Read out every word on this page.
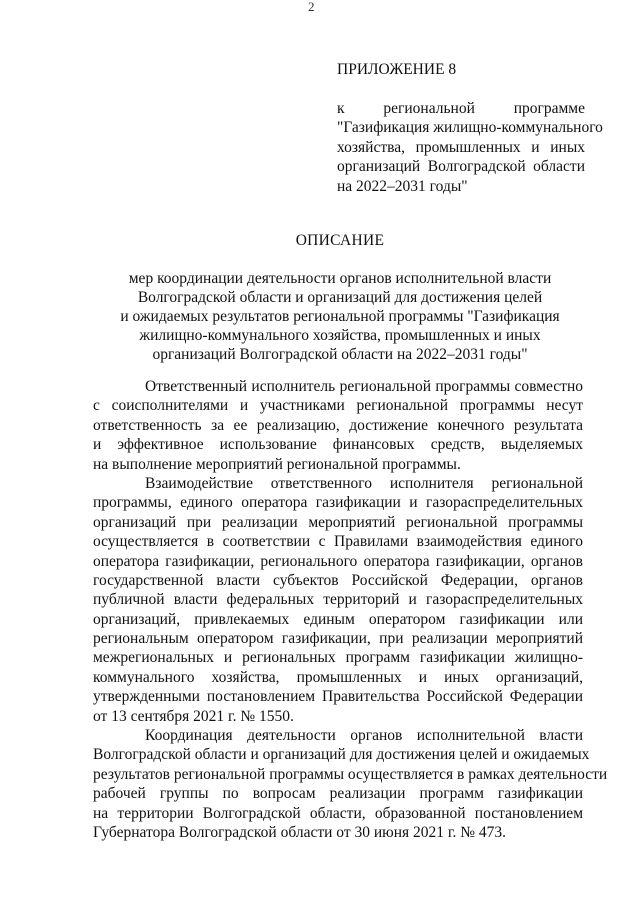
2
ПРИЛОЖЕНИЕ 8
к	региональной	программе
"Газификация жилищно-коммунального
хозяйства, промышленных и иных
организаций Волгоградской области
на 2022–2031 годы"
ОПИСАНИЕ
мер координации деятельности органов исполнительной власти
Волгоградской области и организаций для достижения целей
и ожидаемых результатов региональной программы "Газификация
жилищно-коммунального хозяйства, промышленных и иных
организаций Волгоградской области на 2022–2031 годы"
Ответственный исполнитель региональной программы совместно
с соисполнителями и участниками региональной программы несут
ответственность за ее реализацию, достижение конечного результата
и эффективное использование финансовых средств, выделяемых
на выполнение мероприятий региональной программы.
Взаимодействие ответственного исполнителя региональной
программы, единого оператора газификации и газораспределительных
организаций при реализации мероприятий региональной программы
осуществляется в соответствии с Правилами взаимодействия единого
оператора газификации, регионального оператора газификации, органов
государственной власти субъектов Российской Федерации, органов
публичной власти федеральных территорий и газораспределительных
организаций, привлекаемых единым оператором газификации или
региональным оператором газификации, при реализации мероприятий
межрегиональных и региональных программ газификации жилищно-
коммунального хозяйства, промышленных и иных организаций,
утвержденными постановлением Правительства Российской Федерации
от 13 сентября 2021 г. № 1550.
Координация деятельности органов исполнительной власти
Волгоградской области и организаций для достижения целей и ожидаемых
результатов региональной программы осуществляется в рамках деятельности
рабочей группы по вопросам реализации программ газификации
на территории Волгоградской области, образованной постановлением
Губернатора Волгоградской области от 30 июня 2021 г. № 473.
